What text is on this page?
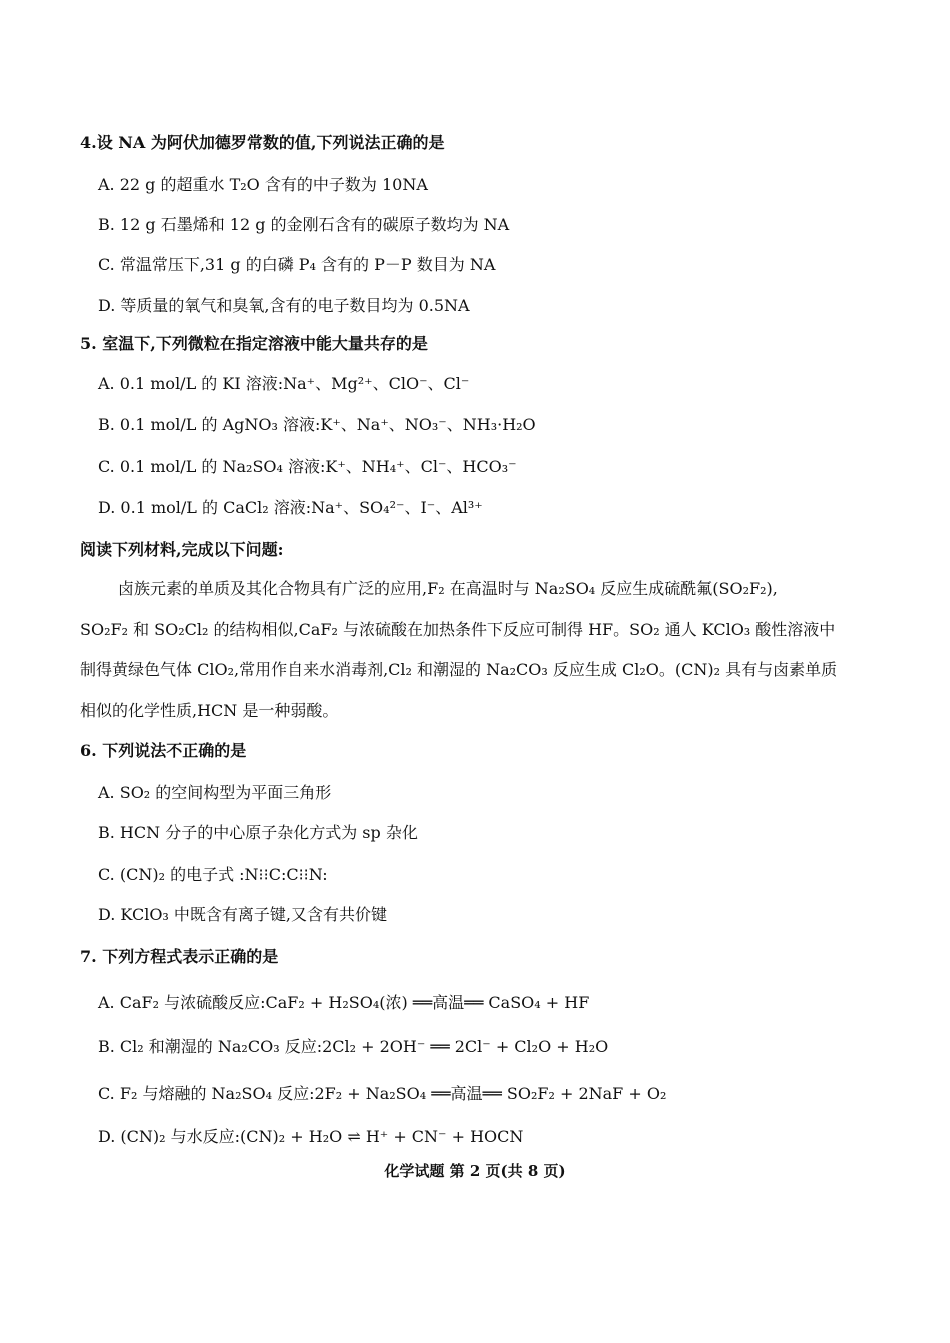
4.设 NA 为阿伏加德罗常数的值,下列说法正确的是
A. 22 g 的超重水 T₂O 含有的中子数为 10NA
B. 12 g 石墨烯和 12 g 的金刚石含有的碳原子数均为 NA
C. 常温常压下,31 g 的白磷 P₄ 含有的 P－P 数目为 NA
D. 等质量的氧气和臭氧,含有的电子数目均为 0.5NA
5. 室温下,下列微粒在指定溶液中能大量共存的是
A. 0.1 mol/L 的 KI 溶液:Na⁺、Mg²⁺、ClO⁻、Cl⁻
B. 0.1 mol/L 的 AgNO₃ 溶液:K⁺、Na⁺、NO₃⁻、NH₃·H₂O
C. 0.1 mol/L 的 Na₂SO₄ 溶液:K⁺、NH₄⁺、Cl⁻、HCO₃⁻
D. 0.1 mol/L 的 CaCl₂ 溶液:Na⁺、SO₄²⁻、I⁻、Al³⁺
阅读下列材料,完成以下问题:
卤族元素的单质及其化合物具有广泛的应用,F₂ 在高温时与 Na₂SO₄ 反应生成硫酰氟(SO₂F₂),
SO₂F₂ 和 SO₂Cl₂ 的结构相似,CaF₂ 与浓硫酸在加热条件下反应可制得 HF。SO₂ 通人 KClO₃ 酸性溶液中
制得黄绿色气体 ClO₂,常用作自来水消毒剂,Cl₂ 和潮湿的 Na₂CO₃ 反应生成 Cl₂O。(CN)₂ 具有与卤素单质
相似的化学性质,HCN 是一种弱酸。
6. 下列说法不正确的是
A. SO₂ 的空间构型为平面三角形
B. HCN 分子的中心原子杂化方式为 sp 杂化
C. (CN)₂ 的电子式 :N⁝⁝C:C⁝⁝N:
D. KClO₃ 中既含有离子键,又含有共价键
7. 下列方程式表示正确的是
A. CaF₂ 与浓硫酸反应:CaF₂ + H₂SO₄(浓) ══高温══ CaSO₄ + HF
B. Cl₂ 和潮湿的 Na₂CO₃ 反应:2Cl₂ + 2OH⁻ ══ 2Cl⁻ + Cl₂O + H₂O
C. F₂ 与熔融的 Na₂SO₄ 反应:2F₂ + Na₂SO₄ ══高温══ SO₂F₂ + 2NaF + O₂
D. (CN)₂ 与水反应:(CN)₂ + H₂O ⇌ H⁺ + CN⁻ + HOCN
化学试题 第 2 页(共 8 页)
